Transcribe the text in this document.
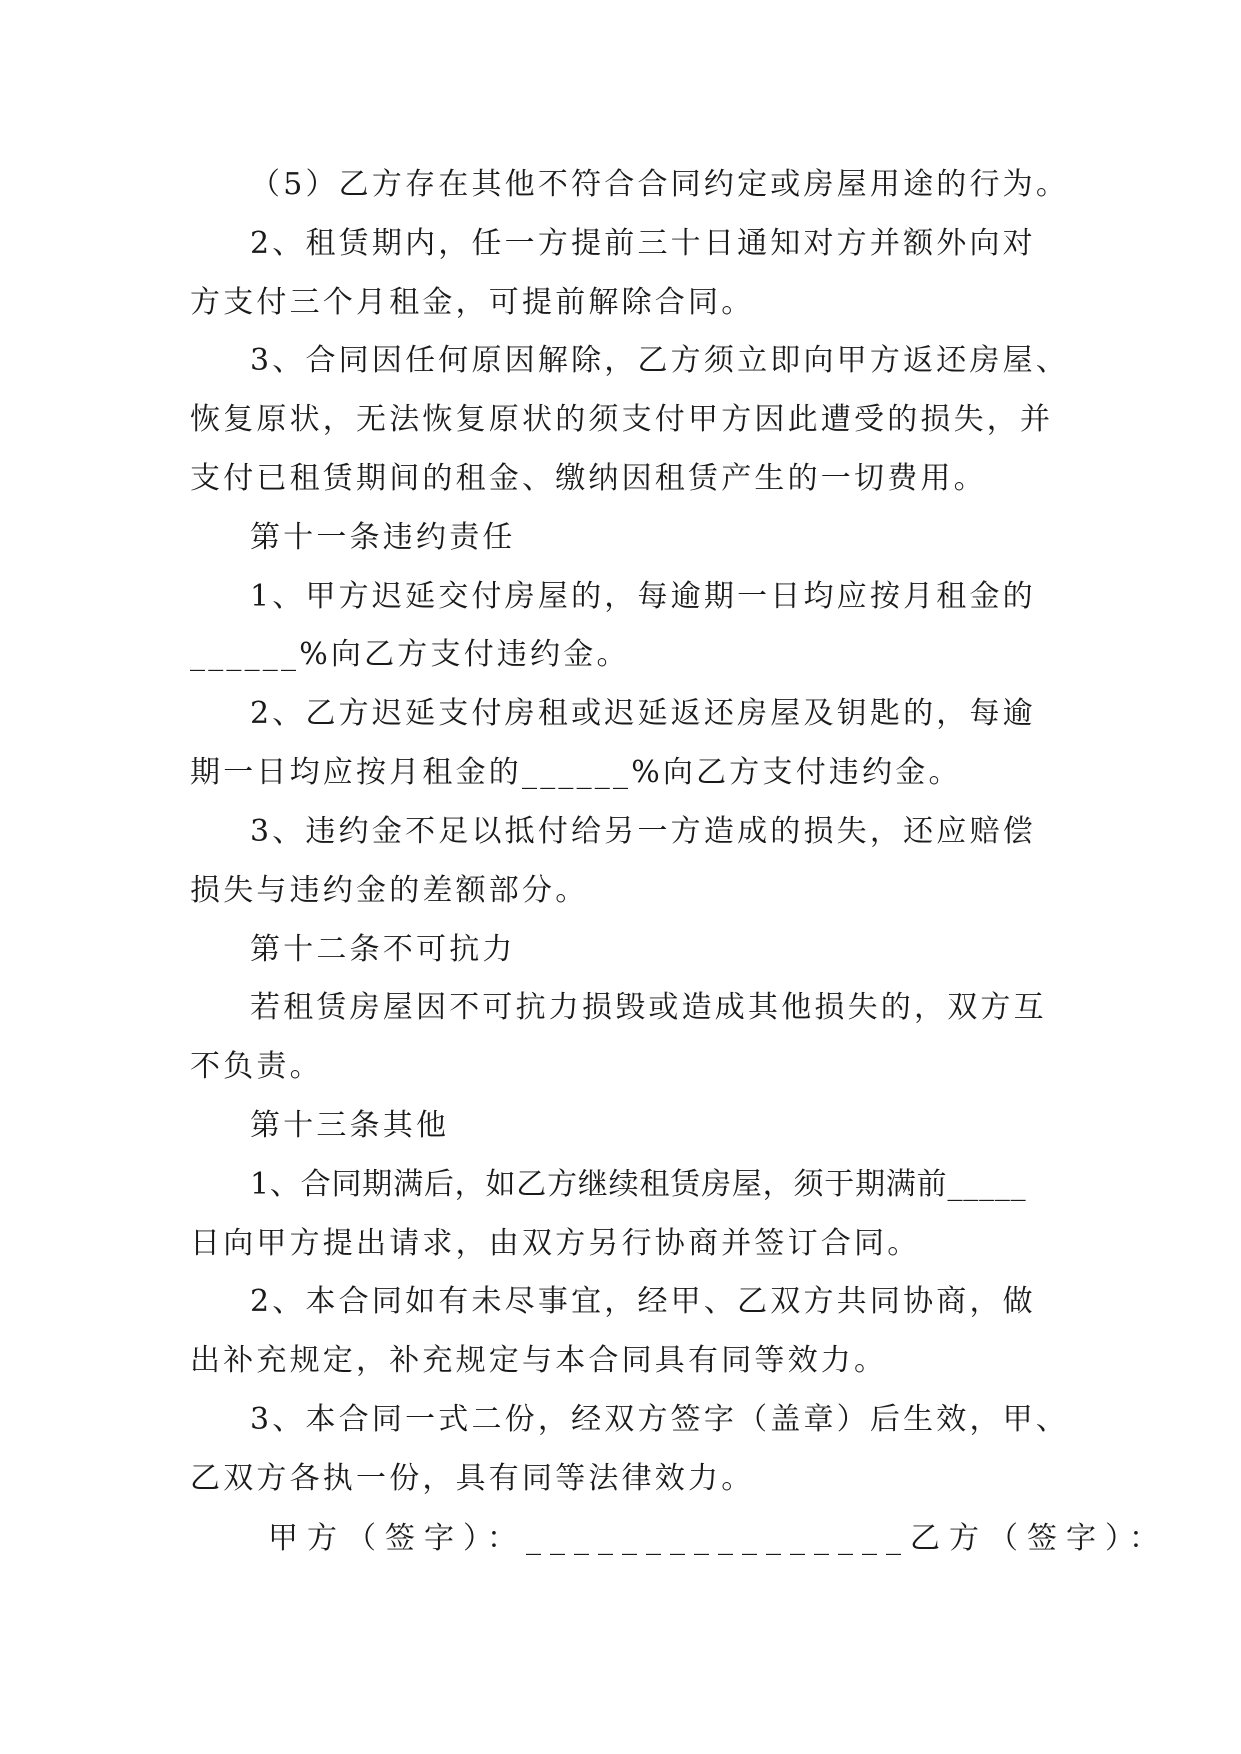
（5）乙方存在其他不符合合同约定或房屋用途的行为。
2、租赁期内，任一方提前三十日通知对方并额外向对
方支付三个月租金，可提前解除合同。
3、合同因任何原因解除，乙方须立即向甲方返还房屋、
恢复原状，无法恢复原状的须支付甲方因此遭受的损失，并
支付已租赁期间的租金、缴纳因租赁产生的一切费用。
第十一条违约责任
1、甲方迟延交付房屋的，每逾期一日均应按月租金的
______%向乙方支付违约金。
2、乙方迟延支付房租或迟延返还房屋及钥匙的，每逾
期一日均应按月租金的______%向乙方支付违约金。
3、违约金不足以抵付给另一方造成的损失，还应赔偿
损失与违约金的差额部分。
第十二条不可抗力
若租赁房屋因不可抗力损毁或造成其他损失的，双方互
不负责。
第十三条其他
1、合同期满后，如乙方继续租赁房屋，须于期满前_____
日向甲方提出请求，由双方另行协商并签订合同。
2、本合同如有未尽事宜，经甲、乙双方共同协商，做
出补充规定，补充规定与本合同具有同等效力。
3、本合同一式二份，经双方签字（盖章）后生效，甲、
乙双方各执一份，具有同等法律效力。
甲方（签字）：________________乙方（签字）：
